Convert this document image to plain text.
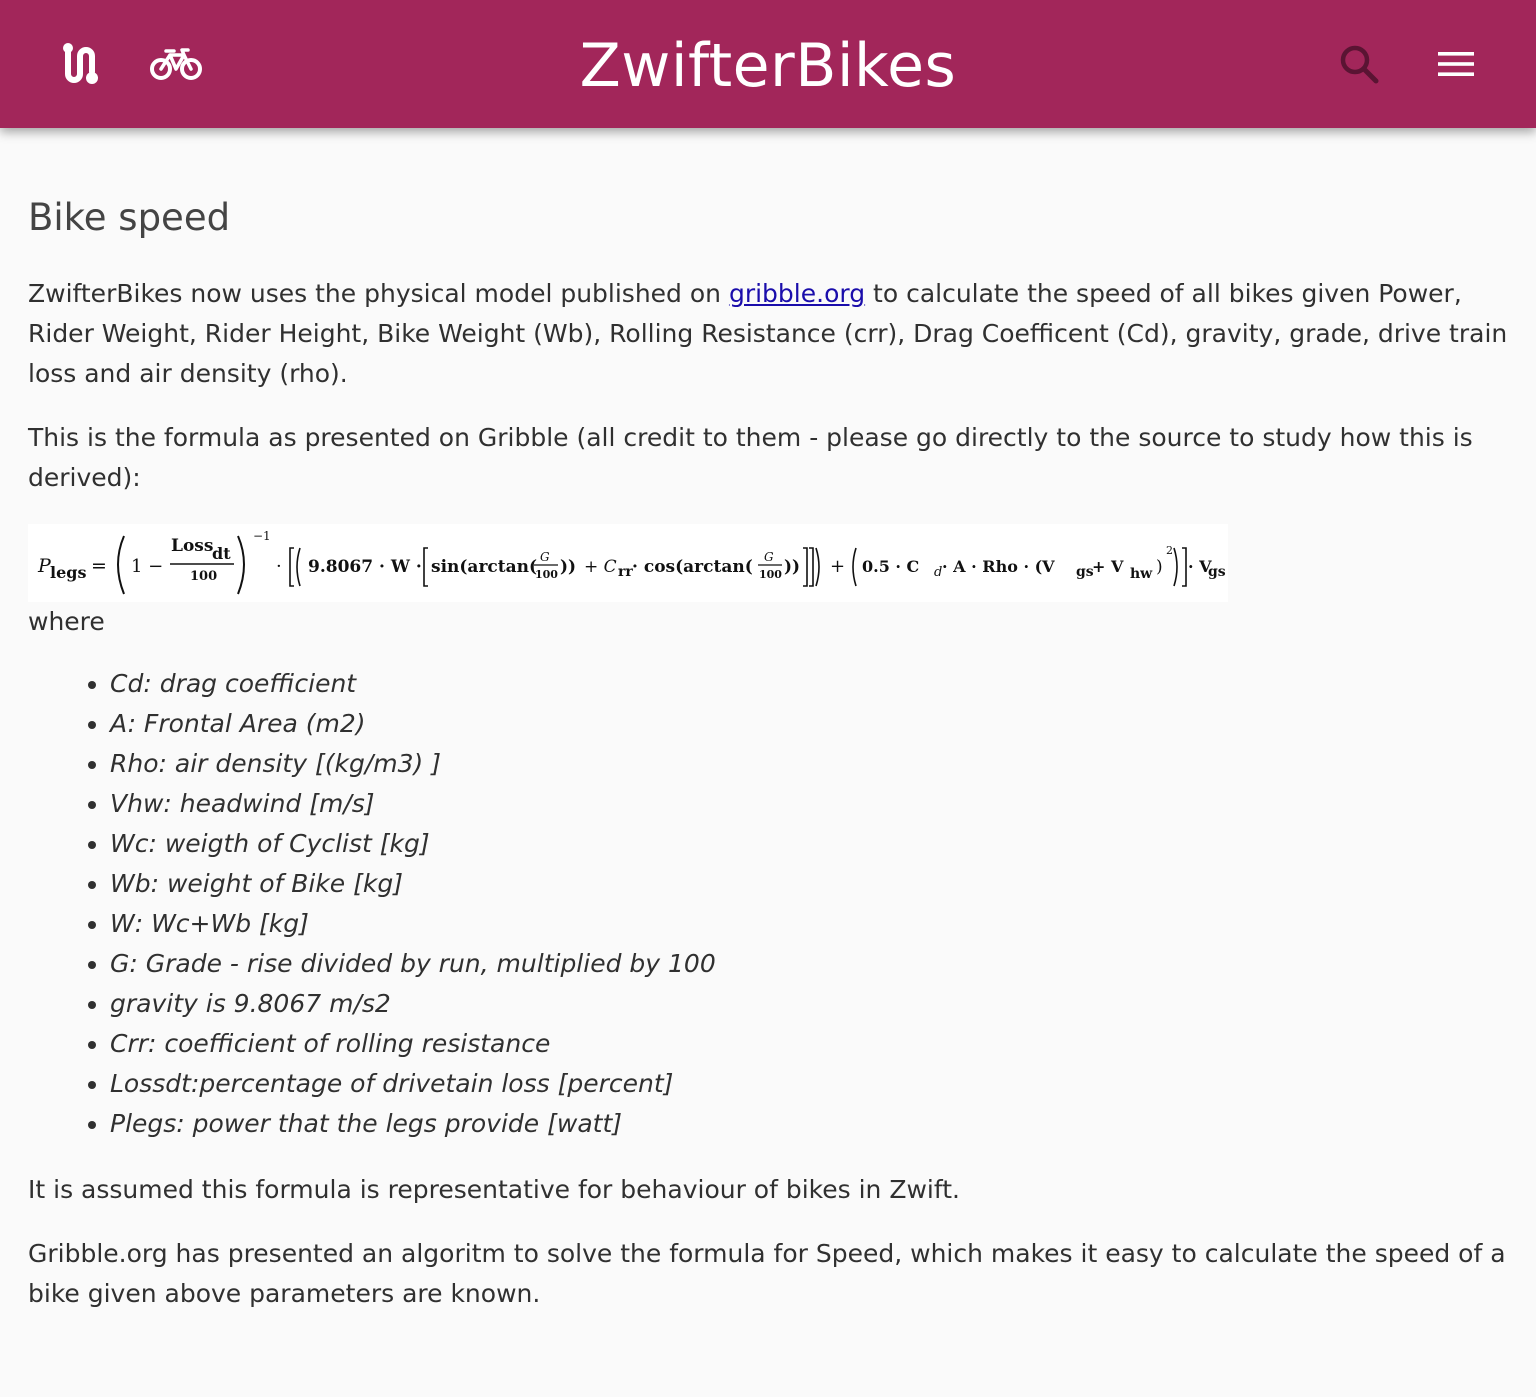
ZwifterBikes
Bike speed

ZwifterBikes now uses the physical model published on gribble.org to calculate the speed of all bikes given Power, Rider Weight, Rider Height, Bike Weight (Wb), Rolling Resistance (crr), Drag Coefficent (Cd), gravity, grade, drive train loss and air density (rho).

This is the formula as presented on Gribble (all credit to them - please go directly to the source to study how this is derived):

P legs = 1 −
Loss
dt
100
−1
· 9.8067 · W · sin(arctan( G
100 )) + C rr · cos(arctan( G
100 )) + 0.5 · C d · A · Rho · (V gs
+ V hw )
2
· V
gs

where

• Cd: drag coefficient
• A: Frontal Area (m2)
• Rho: air density [(kg/m3) ]
• Vhw: headwind [m/s]
• Wc: weigth of Cyclist [kg]
• Wb: weight of Bike [kg]
• W: Wc+Wb [kg]
• G: Grade - rise divided by run, multiplied by 100
• gravity is 9.8067 m/s2
• Crr: coefficient of rolling resistance
• Lossdt:percentage of drivetain loss [percent]
• Plegs: power that the legs provide [watt]

It is assumed this formula is representative for behaviour of bikes in Zwift.

Gribble.org has presented an algoritm to solve the formula for Speed, which makes it easy to calculate the speed of a bike given above parameters are known.
